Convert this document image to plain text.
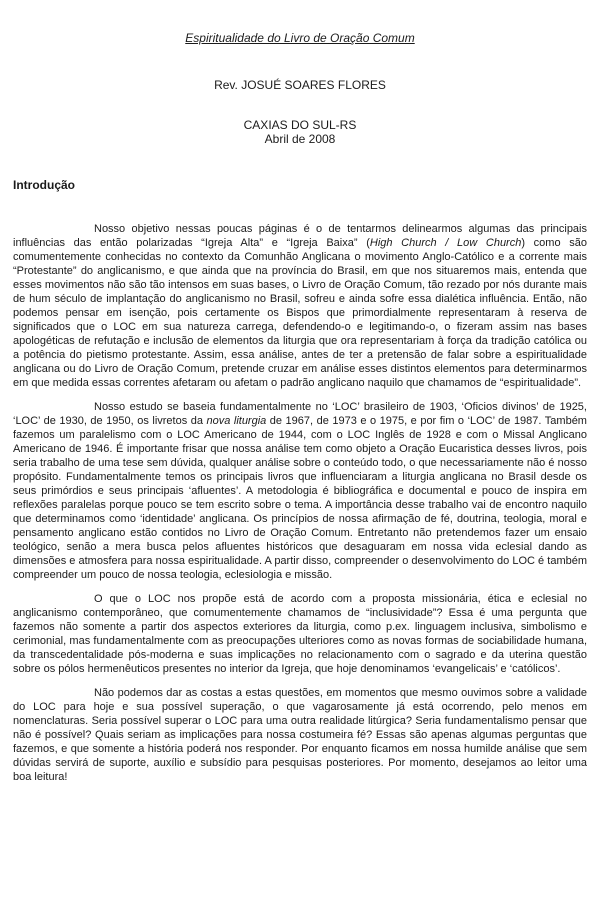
Espiritualidade do Livro de Oração Comum
Rev. JOSUÉ SOARES FLORES
CAXIAS DO SUL-RS
Abril de 2008
Introdução

Nosso objetivo nessas poucas páginas é o de tentarmos delinearmos algumas das principais influências das então polarizadas “Igreja Alta” e “Igreja Baixa” (High Church / Low Church) como são comumentemente conhecidas no contexto da Comunhão Anglicana o movimento Anglo-Católico e a corrente mais “Protestante” do anglicanismo, e que ainda que na província do Brasil, em que nos situaremos mais, entenda que esses movimentos não são tão intensos em suas bases, o Livro de Oração Comum, tão rezado por nós durante mais de hum século de implantação do anglicanismo no Brasil, sofreu e ainda sofre essa dialética influência. Então, não podemos pensar em isenção, pois certamente os Bispos que primordialmente representaram à reserva de significados que o LOC em sua natureza carrega, defendendo-o e legitimando-o, o fizeram assim nas bases apologéticas de refutação e inclusão de elementos da liturgia que ora representariam à força da tradição católica ou a potência do pietismo protestante. Assim, essa análise, antes de ter a pretensão de falar sobre a espiritualidade anglicana ou do Livro de Oração Comum, pretende cruzar em análise esses distintos elementos para determinarmos em que medida essas correntes afetaram ou afetam o padrão anglicano naquilo que chamamos de “espiritualidade”.

Nosso estudo se baseia fundamentalmente no ‘LOC’ brasileiro de 1903, ‘Oficios divinos’ de 1925, ‘LOC’ de 1930, de 1950, os livretos da nova liturgia de 1967, de 1973 e o 1975, e por fim o ‘LOC’ de 1987. Também fazemos um paralelismo com o LOC Americano de 1944, com o LOC Inglês de 1928 e com o Missal Anglicano Americano de 1946. É importante frisar que nossa análise tem como objeto a Oração Eucaristica desses livros, pois seria trabalho de uma tese sem dúvida, qualquer análise sobre o conteúdo todo, o que necessariamente não é nosso propósito. Fundamentalmente temos os principais livros que influenciaram a liturgia anglicana no Brasil desde os seus primórdios e seus principais ‘afluentes’. A metodologia é bibliográfica e documental e pouco de inspira em reflexões paralelas porque pouco se tem escrito sobre o tema. A importância desse trabalho vai de encontro naquilo que determinamos como ‘identidade’ anglicana. Os princípios de nossa afirmação de fé, doutrina, teologia, moral e pensamento anglicano estão contidos no Livro de Oração Comum. Entretanto não pretendemos fazer um ensaio teológico, senão a mera busca pelos afluentes históricos que desaguaram em nossa vida eclesial dando as dimensões e atmosfera para nossa espiritualidade. A partir disso, compreender o desenvolvimento do LOC é também compreender um pouco de nossa teologia, eclesiologia e missão.

O que o LOC nos propõe está de acordo com a proposta missionária, ética e eclesial no anglicanismo contemporâneo, que comumentemente chamamos de “inclusividade”? Essa é uma pergunta que fazemos não somente a partir dos aspectos exteriores da liturgia, como p.ex. linguagem inclusiva, simbolismo e cerimonial, mas fundamentalmente com as preocupações ulteriores como as novas formas de sociabilidade humana, da transcedentalidade pós-moderna e suas implicações no relacionamento com o sagrado e da uterina questão sobre os pólos hermenêuticos presentes no interior da Igreja, que hoje denominamos ‘evangelicais’ e ‘católicos’.

Não podemos dar as costas a estas questões, em momentos que mesmo ouvimos sobre a validade do LOC para hoje e sua possível superação, o que vagarosamente já está ocorrendo, pelo menos em nomenclaturas. Seria possível superar o LOC para uma outra realidade litúrgica? Seria fundamentalismo pensar que não é possível? Quais seriam as implicações para nossa costumeira fé? Essas são apenas algumas perguntas que fazemos, e que somente a história poderá nos responder. Por enquanto ficamos em nossa humilde análise que sem dúvidas servirá de suporte, auxílio e subsídio para pesquisas posteriores. Por momento, desejamos ao leitor uma boa leitura!
